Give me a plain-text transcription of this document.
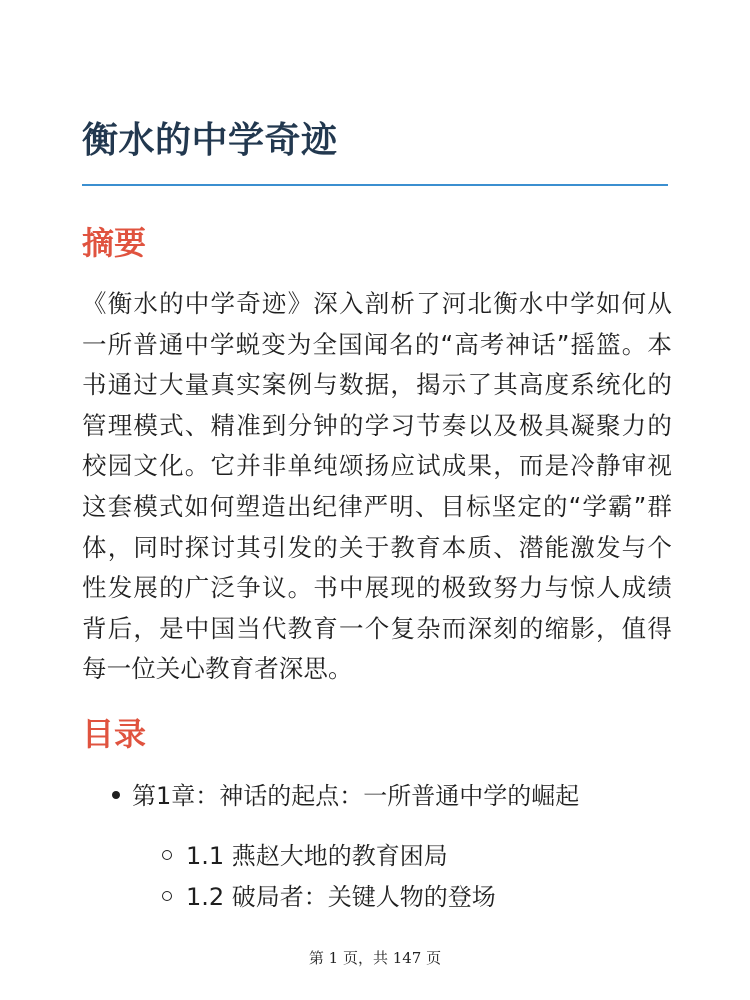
衡水的中学奇迹
摘要

《衡水的中学奇迹》深入剖析了河北衡水中学如何从一所普通中学蜕变为全国闻名的“高考神话”摇篮。本书通过大量真实案例与数据，揭示了其高度系统化的管理模式、精准到分钟的学习节奏以及极具凝聚力的校园文化。它并非单纯颂扬应试成果，而是冷静审视这套模式如何塑造出纪律严明、目标坚定的“学霸”群体，同时探讨其引发的关于教育本质、潜能激发与个性发展的广泛争议。书中展现的极致努力与惊人成绩背后，是中国当代教育一个复杂而深刻的缩影，值得每一位关心教育者深思。

目录
第1章：神话的起点：一所普通中学的崛起
1.1 燕赵大地的教育困局
1.2 破局者：关键人物的登场
第 1 页，共 147 页
